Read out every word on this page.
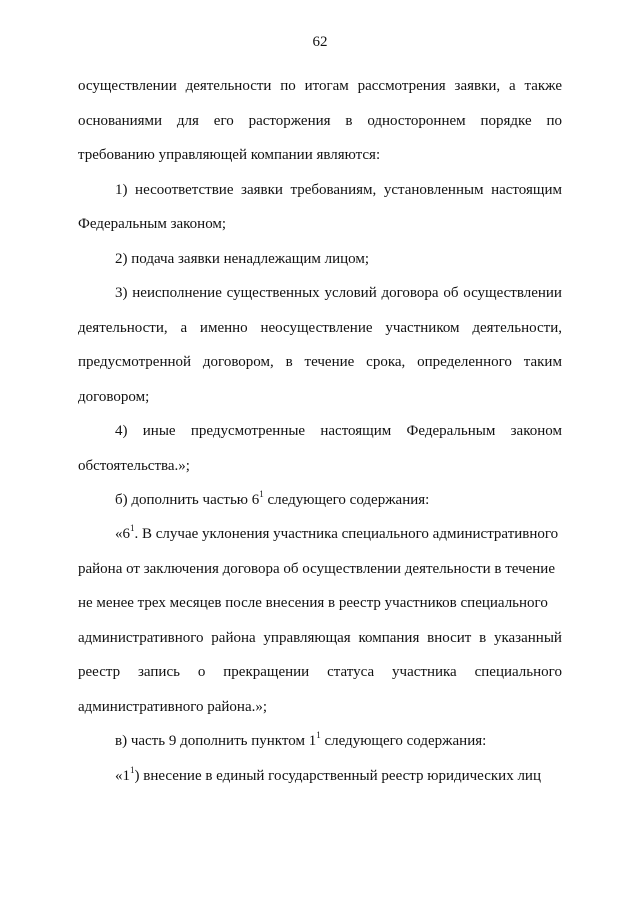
62
осуществлении деятельности по итогам рассмотрения заявки, а также
основаниями для его расторжения в одностороннем порядке по
требованию управляющей компании являются:
1) несоответствие заявки требованиям, установленным настоящим
Федеральным законом;
2) подача заявки ненадлежащим лицом;
3) неисполнение существенных условий договора об осуществлении
деятельности, а именно неосуществление участником деятельности,
предусмотренной договором, в течение срока, определенного таким
договором;
4) иные предусмотренные настоящим Федеральным законом
обстоятельства.»;
б) дополнить частью $6^1$ следующего содержания:
«$6^1$. В случае уклонения участника специального административного
района от заключения договора об осуществлении деятельности в течение
не менее трех месяцев после внесения в реестр участников специального
административного района управляющая компания вносит в указанный
реестр запись о прекращении статуса участника специального
административного района.»;
в) часть 9 дополнить пунктом $1^1$ следующего содержания:
«$1^1$) внесение в единый государственный реестр юридических лиц
